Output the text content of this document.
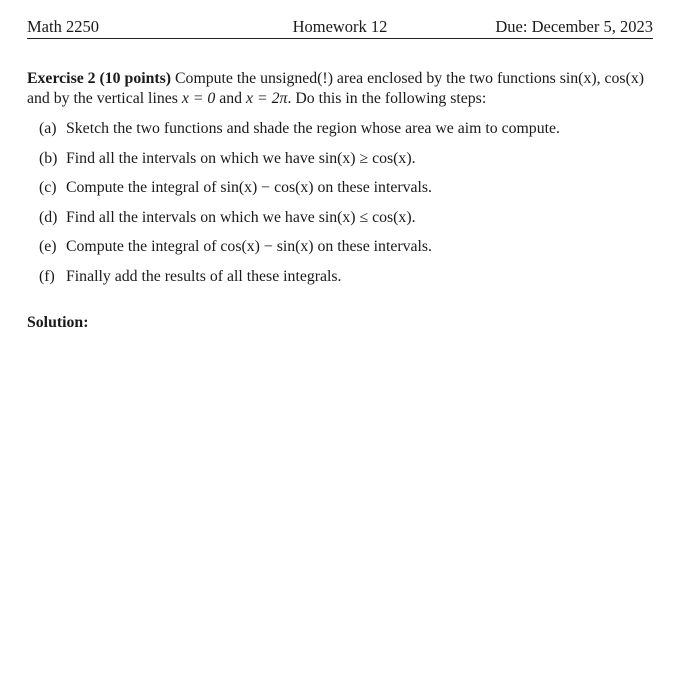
Math 2250	Homework 12	Due: December 5, 2023
Exercise 2 (10 points) Compute the unsigned(!) area enclosed by the two functions sin(x), cos(x) and by the vertical lines x = 0 and x = 2π. Do this in the following steps:
(a) Sketch the two functions and shade the region whose area we aim to compute.
(b) Find all the intervals on which we have sin(x) ≥ cos(x).
(c) Compute the integral of sin(x) − cos(x) on these intervals.
(d) Find all the intervals on which we have sin(x) ≤ cos(x).
(e) Compute the integral of cos(x) − sin(x) on these intervals.
(f) Finally add the results of all these integrals.
Solution:
